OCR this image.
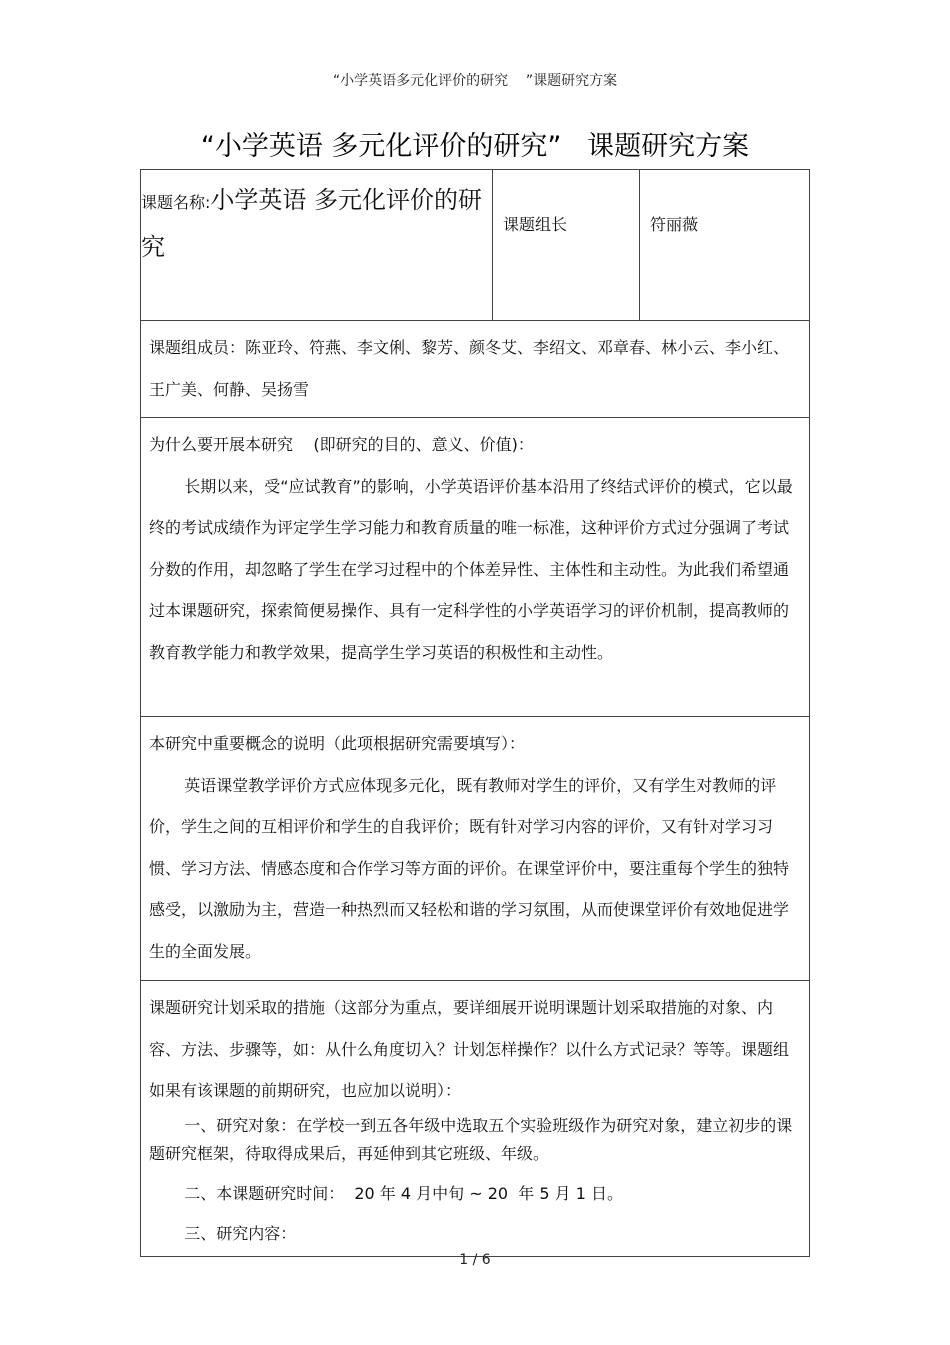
“小学英语多元化评价的研究    ”课题研究方案
“小学英语 多元化评价的研究”   课题研究方案
课题名称:小学英语 多元化评价的研究	课题组长	符丽薇

课题组成员：陈亚玲、符燕、李文俐、黎芳、颜冬艾、李绍文、邓章春、林小云、李小红、王广美、何静、吴扬雪

为什么要开展本研究    (即研究的目的、意义、价值)：
长期以来，受“应试教育”的影响，小学英语评价基本沿用了终结式评价的模式，它以最终的考试成绩作为评定学生学习能力和教育质量的唯一标准，这种评价方式过分强调了考试分数的作用，却忽略了学生在学习过程中的个体差异性、主体性和主动性。为此我们希望通过本课题研究，探索简便易操作、具有一定科学性的小学英语学习的评价机制，提高教师的教育教学能力和教学效果，提高学生学习英语的积极性和主动性。

本研究中重要概念的说明（此项根据研究需要填写）：
英语课堂教学评价方式应体现多元化，既有教师对学生的评价，又有学生对教师的评价，学生之间的互相评价和学生的自我评价；既有针对学习内容的评价，又有针对学习习惯、学习方法、情感态度和合作学习等方面的评价。在课堂评价中，要注重每个学生的独特感受，以激励为主，营造一种热烈而又轻松和谐的学习氛围，从而使课堂评价有效地促进学生的全面发展。

课题研究计划采取的措施（这部分为重点，要详细展开说明课题计划采取措施的对象、内容、方法、步骤等，如：从什么角度切入？计划怎样操作？以什么方式记录？等等。课题组如果有该课题的前期研究，也应加以说明）：
一、研究对象：在学校一到五各年级中选取五个实验班级作为研究对象，建立初步的课题研究框架，待取得成果后，再延伸到其它班级、年级。
二、本课题研究时间：  20 年 4 月中旬 ~ 20  年 5 月 1 日。
三、研究内容：
1 / 6
